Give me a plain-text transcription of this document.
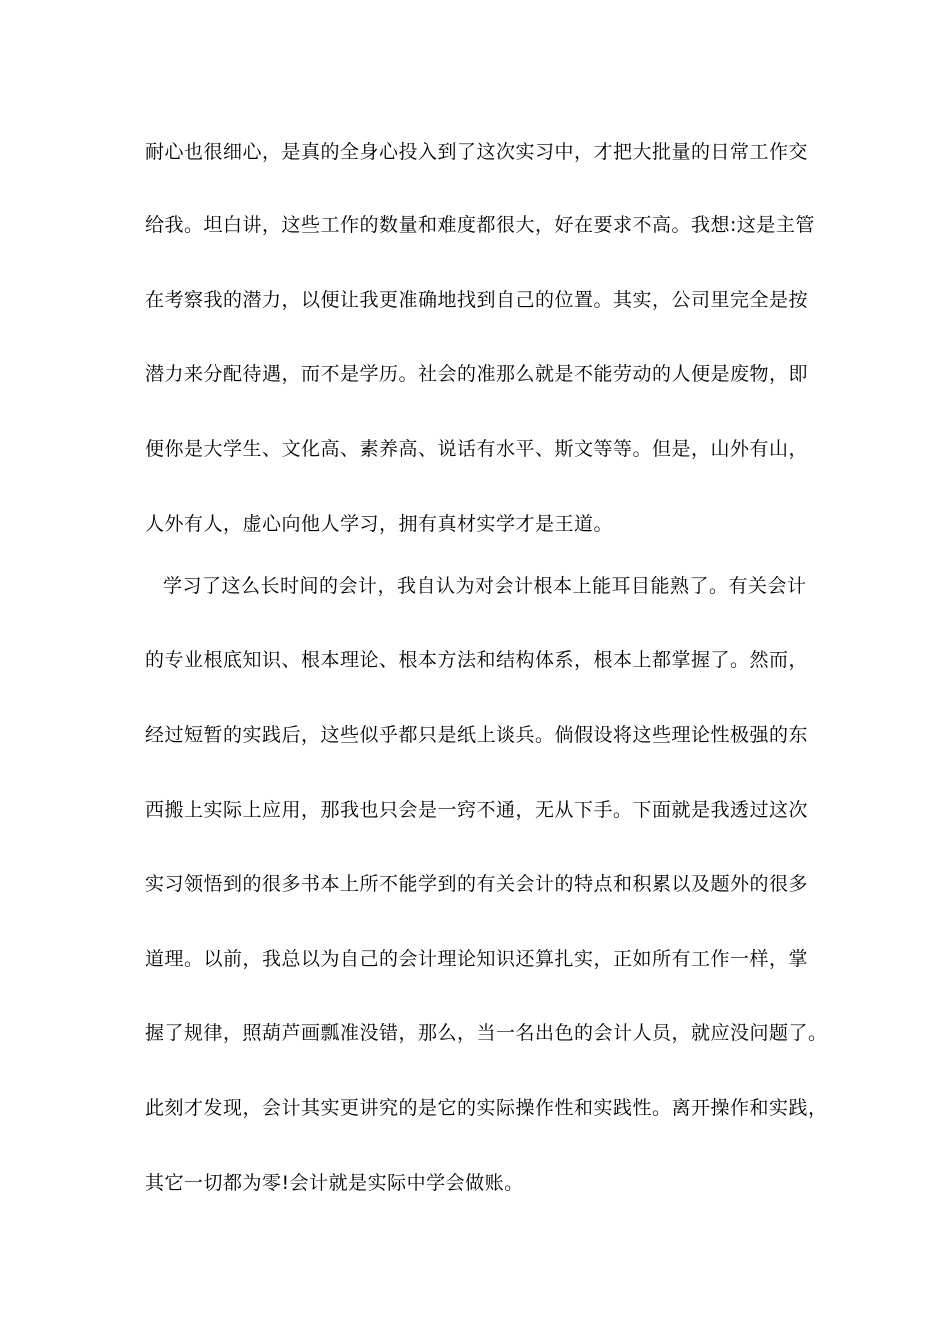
耐心也很细心，是真的全身心投入到了这次实习中，才把大批量的日常工作交
给我。坦白讲，这些工作的数量和难度都很大，好在要求不高。我想:这是主管
在考察我的潜力，以便让我更准确地找到自己的位置。其实，公司里完全是按
潜力来分配待遇，而不是学历。社会的准那么就是不能劳动的人便是废物，即
便你是大学生、文化高、素养高、说话有水平、斯文等等。但是，山外有山，
人外有人，虚心向他人学习，拥有真材实学才是王道。
学习了这么长时间的会计，我自认为对会计根本上能耳目能熟了。有关会计
的专业根底知识、根本理论、根本方法和结构体系，根本上都掌握了。然而，
经过短暂的实践后，这些似乎都只是纸上谈兵。倘假设将这些理论性极强的东
西搬上实际上应用，那我也只会是一窍不通，无从下手。下面就是我透过这次
实习领悟到的很多书本上所不能学到的有关会计的特点和积累以及题外的很多
道理。以前，我总以为自己的会计理论知识还算扎实，正如所有工作一样，掌
握了规律，照葫芦画瓢准没错，那么，当一名出色的会计人员，就应没问题了。
此刻才发现，会计其实更讲究的是它的实际操作性和实践性。离开操作和实践，
其它一切都为零!会计就是实际中学会做账。
